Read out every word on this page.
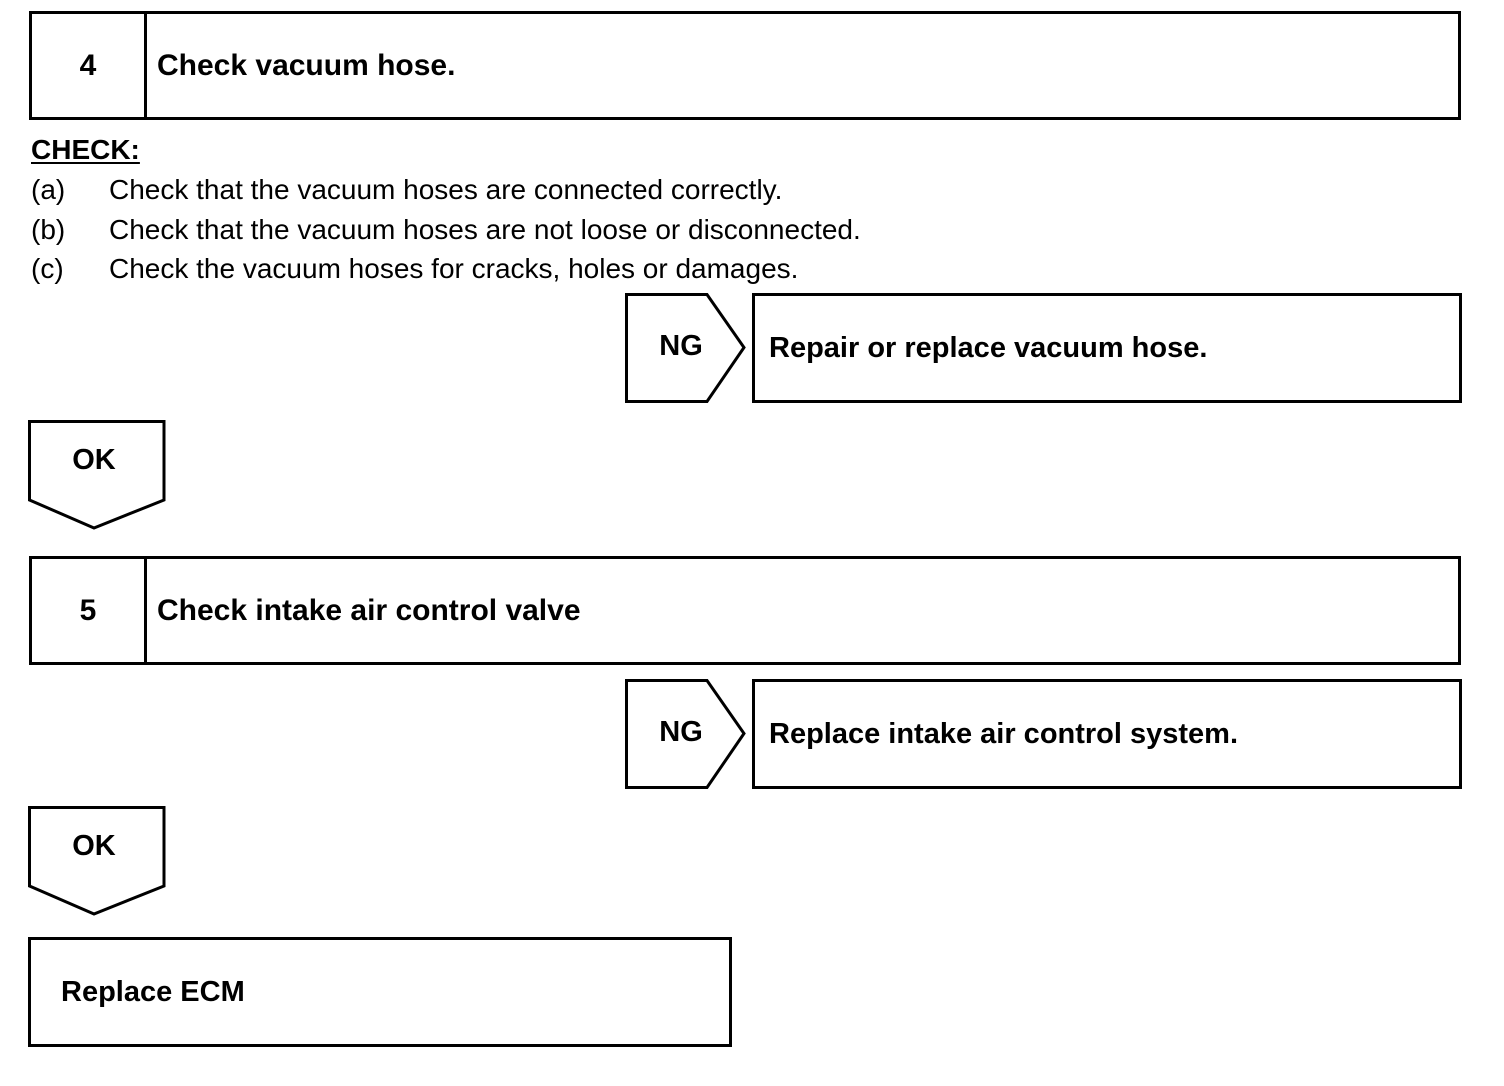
4	Check vacuum hose.
CHECK:
(a) Check that the vacuum hoses are connected correctly.
(b) Check that the vacuum hoses are not loose or disconnected.
(c) Check the vacuum hoses for cracks, holes or damages.
NG	Repair or replace vacuum hose.
OK
5	Check intake air control valve
NG	Replace intake air control system.
OK
Replace ECM
